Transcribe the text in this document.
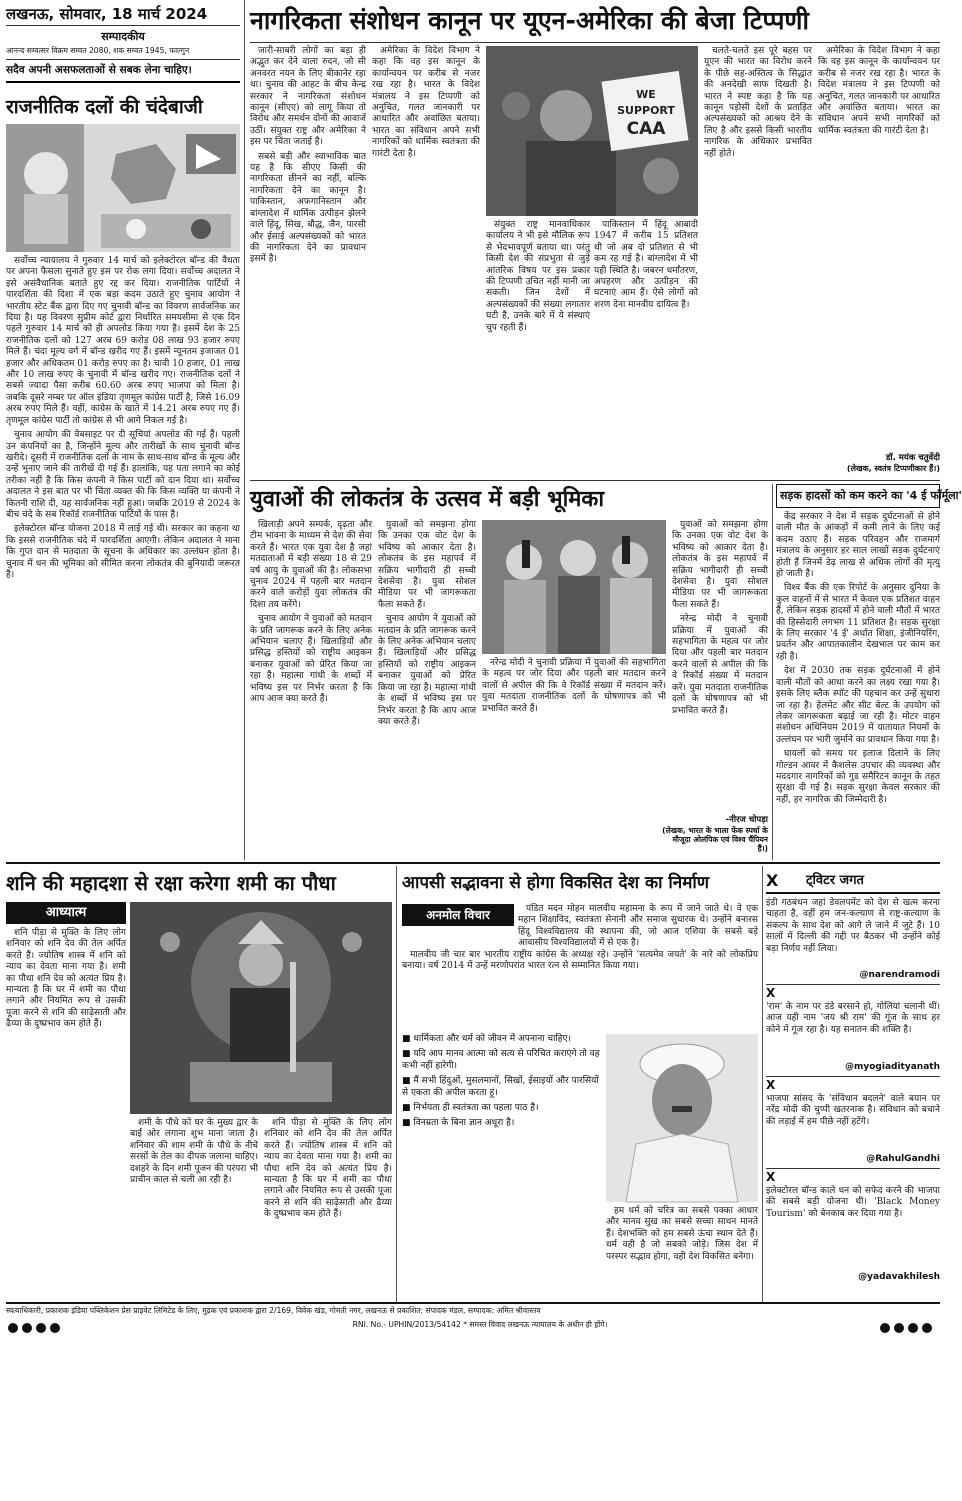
लखनऊ, सोमवार, 18 मार्च 2024
सम्पादकीय
आनन्द सम्वत्सर विक्रम सम्वत 2080, शक सम्वत 1945, फाल्गुन
सदैव अपनी असफलताओं से सबक लेना चाहिए।
राजनीतिक दलों की चंदेबाजी

सर्वोच्च न्यायालय ने गुरुवार 14 मार्च को इलेक्टोरल बॉन्ड की वैधता पर अपना फैसला सुनाते हुए इस पर रोक लगा दिया। सर्वोच्च अदालत ने इसे असंवैधानिक बताते हुए रद्द कर दिया। राजनीतिक पार्टियों ने पारदर्शिता की दिशा में एक बड़ा कदम उठाते हुए चुनाव आयोग ने भारतीय स्टेट बैंक द्वारा दिए गए चुनावी बॉन्ड का विवरण सार्वजनिक कर दिया है। यह विवरण सुप्रीम कोर्ट द्वारा निर्धारित समयसीमा से एक दिन पहले गुरुवार 14 मार्च को ही अपलोड किया गया है। इसमें देश के 25 राजनीतिक दलों को 127 अरब 69 करोड़ 08 लाख 93 हजार रुपए मिले हैं। चंदा मूल्य वर्ग में बॉन्ड खरीद गए हैं। इसमें न्यूनतम इजाजत 01 हजार और अधिकतम 01 करोड़ रुपए का है। चावी 10 हजार, 01 लाख और 10 लाख रुपए के चुनावी में बॉन्ड खरीद गए। राजनीतिक दलों ने सबसे ज्यादा पैसा करीब 60.60 अरब रुपए भाजपा को मिला है। जबकि दूसरे नम्बर पर ऑल इंडिया तृणमूल कांग्रेस पार्टी है, जिसे 16.09 अरब रुपए मिले हैं। वहीं, कांग्रेस के खाते में 14.21 अरब रुपए गए हैं। तृणमूल कांग्रेस पार्टी तो कांग्रेस से भी आगे निकल गई है।

चुनाव आयोग की वेबसाइट पर दी सूचियां अपलोड की गई हैं। पहली उन कंपनियों का है, जिन्होंने मूल्य और तारीखों के साथ चुनावी बॉन्ड खरीदे। दूसरी में राजनीतिक दलों के नाम के साथ-साथ बॉन्ड के मूल्य और उन्हें भुनाए जाने की तारीखें दी गई हैं। हालांकि, यह पता लगाने का कोई तरीका नहीं है कि किस कंपनी ने किस पार्टी को दान दिया था। सर्वोच्च अदालत ने इस बात पर भी चिंता व्यक्त की कि किस व्यक्ति या कंपनी ने कितनी राशि दी, यह सार्वजनिक नहीं हुआ। जबकि 2019 से 2024 के बीच चंदे के सब रिकॉर्ड राजनीतिक पार्टियों के पास है।

इलेक्टोरल बॉन्ड योजना 2018 में लाई गई थी। सरकार का कहना था कि इससे राजनीतिक चंदे में पारदर्शिता आएगी। लेकिन अदालत ने माना कि गुप्त दान से मतदाता के सूचना के अधिकार का उल्लंघन होता है। चुनाव में धन की भूमिका को सीमित करना लोकतंत्र की बुनियादी जरूरत है।

नागरिकता संशोधन कानून पर यूएन-अमेरिका की बेजा टिप्पणी

जारी-साबरी लोगों का बड़ा ही अद्भुत कर देने वाला रुदन, जो सी अनवरत नयन के लिए बीकानेर रहा था। चुनाव की आहट के बीच केन्द्र सरकार ने नागरिकता संशोधन कानून (सीएए) को लागू किया तो विरोध और समर्थन दोनों की आवाजें उठीं। संयुक्त राष्ट्र और अमेरिका ने इस पर चिंता जताई है।

सबसे बड़ी और स्वाभाविक बात यह है कि सीएए किसी की नागरिकता छीनने का नहीं, बल्कि नागरिकता देने का कानून है। पाकिस्तान, अफगानिस्तान और बांग्लादेश में धार्मिक उत्पीड़न झेलने वाले हिंदू, सिख, बौद्ध, जैन, पारसी और ईसाई अल्पसंख्यकों को भारत की नागरिकता देने का प्रावधान इसमें है।

अमेरिका के विदेश विभाग ने कहा कि वह इस कानून के कार्यान्वयन पर करीब से नजर रख रहा है। भारत के विदेश मंत्रालय ने इस टिप्पणी को अनुचित, गलत जानकारी पर आधारित और अवांछित बताया। भारत का संविधान अपने सभी नागरिकों को धार्मिक स्वतंत्रता की गारंटी देता है।

WE
SUPPORT
CAA

संयुक्त राष्ट्र मानवाधिकार कार्यालय ने भी इसे मौलिक रूप से भेदभावपूर्ण बताया था। परंतु किसी देश की संप्रभुता से जुड़े आंतरिक विषय पर इस प्रकार की टिप्पणी उचित नहीं मानी जा सकती। जिन देशों में अल्पसंख्यकों की संख्या लगातार घटी है, उनके बारे में ये संस्थाएं चुप रहती हैं।

पाकिस्तान में हिंदू आबादी 1947 में करीब 15 प्रतिशत थी जो अब दो प्रतिशत से भी कम रह गई है। बांग्लादेश में भी यही स्थिति है। जबरन धर्मांतरण, अपहरण और उत्पीड़न की घटनाएं आम हैं। ऐसे लोगों को शरण देना मानवीय दायित्व है।

चलते-चलते इस पूरे बहस पर यूएन की भारत का विरोध करने के पीछे सह-अस्तित्व के सिद्धांत की अनदेखी साफ दिखती है। भारत ने स्पष्ट कहा है कि यह कानून पड़ोसी देशों के प्रताड़ित अल्पसंख्यकों को आश्रय देने के लिए है और इससे किसी भारतीय नागरिक के अधिकार प्रभावित नहीं होते।

अमेरिका के विदेश विभाग ने कहा कि वह इस कानून के कार्यान्वयन पर करीब से नजर रख रहा है। भारत के विदेश मंत्रालय ने इस टिप्पणी को अनुचित, गलत जानकारी पर आधारित और अवांछित बताया। भारत का संविधान अपने सभी नागरिकों को धार्मिक स्वतंत्रता की गारंटी देता है।

डॉ. मयंक चतुर्वेदी
(लेखक, स्वतंत्र टिप्पणीकार हैं।)
युवाओं की लोकतंत्र के उत्सव में बड़ी भूमिका

खिलाड़ी अपने सम्पर्क, दृढ़ता और टीम भावना के माध्यम से देश की सेवा करते हैं। भारत एक युवा देश है जहां मतदाताओं में बड़ी संख्या 18 से 29 वर्ष आयु के युवाओं की है। लोकसभा चुनाव 2024 में पहली बार मतदान करने वाले करोड़ों युवा लोकतंत्र की दिशा तय करेंगे।

चुनाव आयोग ने युवाओं को मतदान के प्रति जागरूक करने के लिए अनेक अभियान चलाए हैं। खिलाड़ियों और प्रसिद्ध हस्तियों को राष्ट्रीय आइकन बनाकर युवाओं को प्रेरित किया जा रहा है। महात्मा गांधी के शब्दों में भविष्य इस पर निर्भर करता है कि आप आज क्या करते हैं।

युवाओं को समझना होगा कि उनका एक वोट देश के भविष्य को आकार देता है। लोकतंत्र के इस महापर्व में सक्रिय भागीदारी ही सच्ची देशसेवा है। युवा सोशल मीडिया पर भी जागरूकता फैला सकते हैं।

चुनाव आयोग ने युवाओं को मतदान के प्रति जागरूक करने के लिए अनेक अभियान चलाए हैं। खिलाड़ियों और प्रसिद्ध हस्तियों को राष्ट्रीय आइकन बनाकर युवाओं को प्रेरित किया जा रहा है। महात्मा गांधी के शब्दों में भविष्य इस पर निर्भर करता है कि आप आज क्या करते हैं।

नरेन्द्र मोदी ने चुनावी प्रक्रिया में युवाओं की सहभागिता के महत्व पर जोर दिया और पहली बार मतदान करने वालों से अपील की कि वे रिकॉर्ड संख्या में मतदान करें। युवा मतदाता राजनीतिक दलों के घोषणापत्र को भी प्रभावित करते हैं।

युवाओं को समझना होगा कि उनका एक वोट देश के भविष्य को आकार देता है। लोकतंत्र के इस महापर्व में सक्रिय भागीदारी ही सच्ची देशसेवा है। युवा सोशल मीडिया पर भी जागरूकता फैला सकते हैं।

नरेन्द्र मोदी ने चुनावी प्रक्रिया में युवाओं की सहभागिता के महत्व पर जोर दिया और पहली बार मतदान करने वालों से अपील की कि वे रिकॉर्ड संख्या में मतदान करें। युवा मतदाता राजनीतिक दलों के घोषणापत्र को भी प्रभावित करते हैं।

-नीरज चोपड़ा
(लेखक, भारत के भाला फेंक स्पर्धा के मौजूदा ओलंपिक एवं विश्व चैंपियन हैं।)
सड़क हादसों को कम करने का '4 ई फॉर्मूला'

केंद्र सरकार ने देश में सड़क दुर्घटनाओं से होने वाली मौत के आंकड़ों में कमी लाने के लिए कई कदम उठाए हैं। सड़क परिवहन और राजमार्ग मंत्रालय के अनुसार हर साल लाखों सड़क दुर्घटनाएं होती हैं जिनमें डेढ़ लाख से अधिक लोगों की मृत्यु हो जाती है।

विश्व बैंक की एक रिपोर्ट के अनुसार दुनिया के कुल वाहनों में से भारत में केवल एक प्रतिशत वाहन हैं, लेकिन सड़क हादसों में होने वाली मौतों में भारत की हिस्सेदारी लगभग 11 प्रतिशत है। सड़क सुरक्षा के लिए सरकार '4 ई' अर्थात शिक्षा, इंजीनियरिंग, प्रवर्तन और आपातकालीन देखभाल पर काम कर रही है।

देश में 2030 तक सड़क दुर्घटनाओं में होने वाली मौतों को आधा करने का लक्ष्य रखा गया है। इसके लिए ब्लैक स्पॉट की पहचान कर उन्हें सुधारा जा रहा है। हेलमेट और सीट बेल्ट के उपयोग को लेकर जागरूकता बढ़ाई जा रही है। मोटर वाहन संशोधन अधिनियम 2019 में यातायात नियमों के उल्लंघन पर भारी जुर्माने का प्रावधान किया गया है।

घायलों को समय पर इलाज दिलाने के लिए गोल्डन आवर में कैशलेस उपचार की व्यवस्था और मददगार नागरिकों को गुड समैरिटन कानून के तहत सुरक्षा दी गई है। सड़क सुरक्षा केवल सरकार की नहीं, हर नागरिक की जिम्मेदारी है।

शनि की महादशा से रक्षा करेगा शमी का पौधा
आध्यात्म

शनि पीड़ा से मुक्ति के लिए लोग शनिवार को शनि देव की तेल अर्पित करते हैं। ज्योतिष शास्त्र में शनि को न्याय का देवता माना गया है। शमी का पौधा शनि देव को अत्यंत प्रिय है। मान्यता है कि घर में शमी का पौधा लगाने और नियमित रूप से उसकी पूजा करने से शनि की साढ़ेसाती और ढैय्या के दुष्प्रभाव कम होते हैं।

शमी के पौधे को घर के मुख्य द्वार के बाईं ओर लगाना शुभ माना जाता है। शनिवार की शाम शमी के पौधे के नीचे सरसों के तेल का दीपक जलाना चाहिए। दशहरे के दिन शमी पूजन की परंपरा भी प्राचीन काल से चली आ रही है।

शनि पीड़ा से मुक्ति के लिए लोग शनिवार को शनि देव की तेल अर्पित करते हैं। ज्योतिष शास्त्र में शनि को न्याय का देवता माना गया है। शमी का पौधा शनि देव को अत्यंत प्रिय है। मान्यता है कि घर में शमी का पौधा लगाने और नियमित रूप से उसकी पूजा करने से शनि की साढ़ेसाती और ढैय्या के दुष्प्रभाव कम होते हैं।

आपसी सद्भावना से होगा विकसित देश का निर्माण
अनमोल विचार	पंडित मदन मोहन मालवीय महामना के रूप में जाने जाते थे। वे एक महान शिक्षाविद, स्वतंत्रता सेनानी और समाज सुधारक थे। उन्होंने बनारस हिंदू विश्वविद्यालय की स्थापना की, जो आज एशिया के सबसे बड़े आवासीय विश्वविद्यालयों में से एक है।

मालवीय जी चार बार भारतीय राष्ट्रीय कांग्रेस के अध्यक्ष रहे। उन्होंने 'सत्यमेव जयते' के नारे को लोकप्रिय बनाया। वर्ष 2014 में उन्हें मरणोपरांत भारत रत्न से सम्मानित किया गया।

■ धार्मिकता और धर्म को जीवन में अपनाना चाहिए।
■ यदि आप मानव आत्मा को सत्य से परिचित कराएंगे तो वह कभी नहीं हारेगी।
■ मैं सभी हिंदुओं, मुसलमानों, सिखों, ईसाइयों और पारसियों से एकता की अपील करता हूं।
■ निर्भयता ही स्वतंत्रता का पहला पाठ है।
■ विनम्रता के बिना ज्ञान अधूरा है।

हम धर्म को चरित्र का सबसे पक्का आधार और मानव सुख का सबसे सच्चा साधन मानते हैं। देशभक्ति को हम सबसे ऊंचा स्थान देते हैं। धर्म वही है जो सबको जोड़े। जिस देश में परस्पर सद्भाव होगा, वही देश विकसित बनेगा।

X ट्विटर जगत
इंडी गठबंधन जहां डेवलपमेंट को देश से खत्म करना चाहता है, वहीं हम जन-कल्याण से राष्ट्र-कल्याण के संकल्प के साथ देश को आगे ले जाने में जुटे हैं। 10 सालों में दिल्ली की गद्दी पर बैठकर भी उन्होंने कोई बड़ा निर्णय नहीं लिया।
@narendramodi
X
'राम' के नाम पर डंडे बरसाने हो, गोलियां चलानी थीं। आज यही नाम 'जय श्री राम' की गूंज के साथ हर कोने में गूंज रहा है। यह सनातन की शक्ति है।
@myogiadityanath
X
भाजपा सांसद के 'संविधान बदलने' वाले बयान पर नरेंद्र मोदी की चुप्पी खतरनाक है। संविधान को बचाने की लड़ाई में हम पीछे नहीं हटेंगे।
@RahulGandhi
X
इलेक्टोरल बॉन्ड काले धन को सफेद करने की भाजपा की सबसे बड़ी योजना थी। 'Black Money Tourism' को बेनकाब कर दिया गया है।
@yadavakhilesh
स्वत्वाधिकारी, प्रकाशक इंडिया पब्लिकेशन प्रेस प्राइवेट लिमिटेड के लिए, मुद्रक एवं प्रकाशक द्वारा 2/169, विवेक खंड, गोमती नगर, लखनऊ से प्रकाशित; संपादक मंडल, सम्पादक: अमित श्रीवास्तव
RNI. No.- UPHIN/2013/54142 * समस्त विवाद लखनऊ न्यायालय के अधीन ही होंगे।
